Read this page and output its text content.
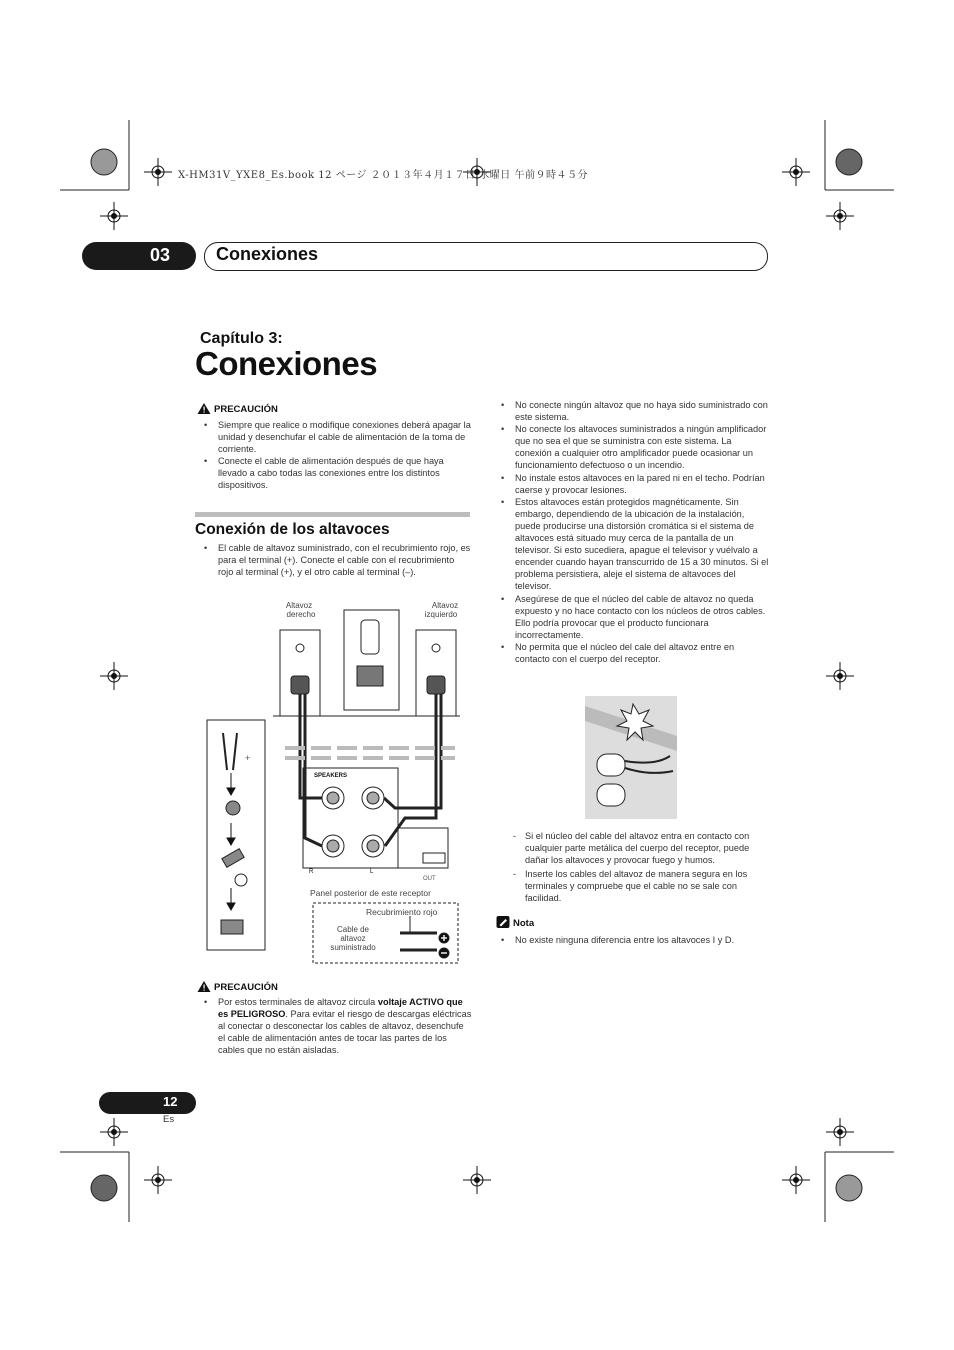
X-HM31V_YXE8_Es.book 12 ページ ２０１３年４月１７日 水曜日 午前９時４５分
03	Conexiones
Capítulo 3:
Conexiones
PRECAUCIÓN
• Siempre que realice o modifique conexiones deberá apagar la unidad y desenchufar el cable de alimentación de la toma de corriente.
• Conecte el cable de alimentación después de que haya llevado a cabo todas las conexiones entre los distintos dispositivos.
Conexión de los altavoces
• El cable de altavoz suministrado, con el recubrimiento rojo, es para el terminal (+). Conecte el cable con el recubrimiento rojo al terminal (+), y el otro cable al terminal (–).
Altavoz derecho
Altavoz izquierdo
SPEAKERS
R	L
OUT
+
Panel posterior de este receptor
Recubrimiento rojo
Cable de altavoz suministrado
PRECAUCIÓN
• Por estos terminales de altavoz circula voltaje ACTIVO que es PELIGROSO. Para evitar el riesgo de descargas eléctricas al conectar o desconectar los cables de altavoz, desenchufe el cable de alimentación antes de tocar las partes de los cables que no están aisladas.
• No conecte ningún altavoz que no haya sido suministrado con este sistema.
• No conecte los altavoces suministrados a ningún amplificador que no sea el que se suministra con este sistema. La conexión a cualquier otro amplificador puede ocasionar un funcionamiento defectuoso o un incendio.
• No instale estos altavoces en la pared ni en el techo. Podrían caerse y provocar lesiones.
• Estos altavoces están protegidos magnéticamente. Sin embargo, dependiendo de la ubicación de la instalación, puede producirse una distorsión cromática si el sistema de altavoces está situado muy cerca de la pantalla de un televisor. Si esto sucediera, apague el televisor y vuélvalo a encender cuando hayan transcurrido de 15 a 30 minutos. Si el problema persistiera, aleje el sistema de altavoces del televisor.
• Asegúrese de que el núcleo del cable de altavoz no queda expuesto y no hace contacto con los núcleos de otros cables. Ello podría provocar que el producto funcionara incorrectamente.
• No permita que el núcleo del cale del altavoz entre en contacto con el cuerpo del receptor.
- Si el núcleo del cable del altavoz entra en contacto con cualquier parte metálica del cuerpo del receptor, puede dañar los altavoces y provocar fuego y humos.
- Inserte los cables del altavoz de manera segura en los terminales y compruebe que el cable no se sale con facilidad.
Nota
• No existe ninguna diferencia entre los altavoces I y D.
12
Es
